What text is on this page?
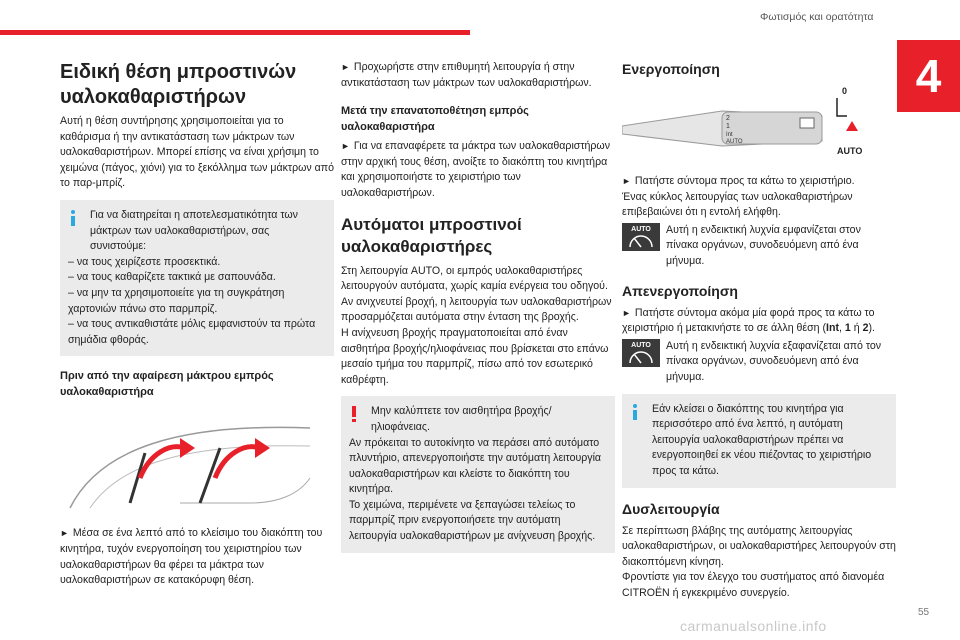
Φωτισμός και ορατότητα
4
Ειδική θέση μπροστινών υαλοκαθαριστήρων

Αυτή η θέση συντήρησης χρησιμοποιείται για το καθάρισμα ή την αντικατάσταση των μάκτρων των υαλοκαθαριστήρων. Μπορεί επίσης να είναι χρήσιμη το χειμώνα (πάγος, χιόνι) για το ξεκόλλημα των μάκτρων από το παρ-μπρίζ.

Για να διατηρείται η αποτελεσματικότητα των μάκτρων των υαλοκαθαριστήρων, σας συνιστούμε:

– να τους χειρίζεστε προσεκτικά.

– να τους καθαρίζετε τακτικά με σαπουνάδα.

– να μην τα χρησιμοποιείτε για τη συγκράτηση χαρτονιών πάνω στο παρμπρίζ.

– να τους αντικαθιστάτε μόλις εμφανιστούν τα πρώτα σημάδια φθοράς.

Πριν από την αφαίρεση μάκτρου εμπρός υαλοκαθαριστήρα

► Μέσα σε ένα λεπτό από το κλείσιμο του διακόπτη του κινητήρα, τυχόν ενεργοποίηση του χειριστηρίου των υαλοκαθαριστήρων θα φέρει τα μάκτρα των υαλοκαθαριστήρων σε κατακόρυφη θέση.

► Προχωρήστε στην επιθυμητή λειτουργία ή στην αντικατάσταση των μάκτρων των υαλοκαθαριστήρων.

Μετά την επανατοποθέτηση εμπρός υαλοκαθαριστήρα

► Για να επαναφέρετε τα μάκτρα των υαλοκαθαριστήρων στην αρχική τους θέση, ανοίξτε το διακόπτη του κινητήρα και χρησιμοποιήστε το χειριστήριο των υαλοκαθαριστήρων.

Αυτόματοι μπροστινοί υαλοκαθαριστήρες

Στη λειτουργία AUTO, οι εμπρός υαλοκαθαριστήρες λειτουργούν αυτόματα, χωρίς καμία ενέργεια του οδηγού. Αν ανιχνευτεί βροχή, η λειτουργία των υαλοκαθαριστήρων προσαρμόζεται αυτόματα στην ένταση της βροχής.

Η ανίχνευση βροχής πραγματοποιείται από έναν αισθητήρα βροχής/ηλιοφάνειας που βρίσκεται στο επάνω μεσαίο τμήμα του παρμπρίζ, πίσω από τον εσωτερικό καθρέφτη.

Μην καλύπτετε τον αισθητήρα βροχής/ηλιοφάνειας.

Αν πρόκειται το αυτοκίνητο να περάσει από αυτόματο πλυντήριο, απενεργοποιήστε την αυτόματη λειτουργία υαλοκαθαριστήρων και κλείστε το διακόπτη του κινητήρα.

Το χειμώνα, περιμένετε να ξεπαγώσει τελείως το παρμπρίζ πριν ενεργοποιήσετε την αυτόματη λειτουργία υαλοκαθαριστήρων με ανίχνευση βροχής.

Ενεργοποίηση
2
1
Int
AUTO
0
AUTO

► Πατήστε σύντομα προς τα κάτω το χειριστήριο.

Ένας κύκλος λειτουργίας των υαλοκαθαριστήρων επιβεβαιώνει ότι η εντολή ελήφθη.

AUTO	Αυτή η ενδεικτική λυχνία εμφανίζεται στον πίνακα οργάνων, συνοδευόμενη από ένα μήνυμα.

Απενεργοποίηση

► Πατήστε σύντομα ακόμα μία φορά προς τα κάτω το χειριστήριο ή μετακινήστε το σε άλλη θέση (Int, 1 ή 2).

AUTO	Αυτή η ενδεικτική λυχνία εξαφανίζεται από τον πίνακα οργάνων, συνοδευόμενη από ένα μήνυμα.

Εάν κλείσει ο διακόπτης του κινητήρα για περισσότερο από ένα λεπτό, η αυτόματη λειτουργία υαλοκαθαριστήρων πρέπει να ενεργοποιηθεί εκ νέου πιέζοντας το χειριστήριο προς τα κάτω.

Δυσλειτουργία

Σε περίπτωση βλάβης της αυτόματης λειτουργίας υαλοκαθαριστήρων, οι υαλοκαθαριστήρες λειτουργούν στη διακοπτόμενη κίνηση.

Φροντίστε για τον έλεγχο του συστήματος από διανομέα CITROËN ή εγκεκριμένο συνεργείο.

55
carmanualsonline.info
